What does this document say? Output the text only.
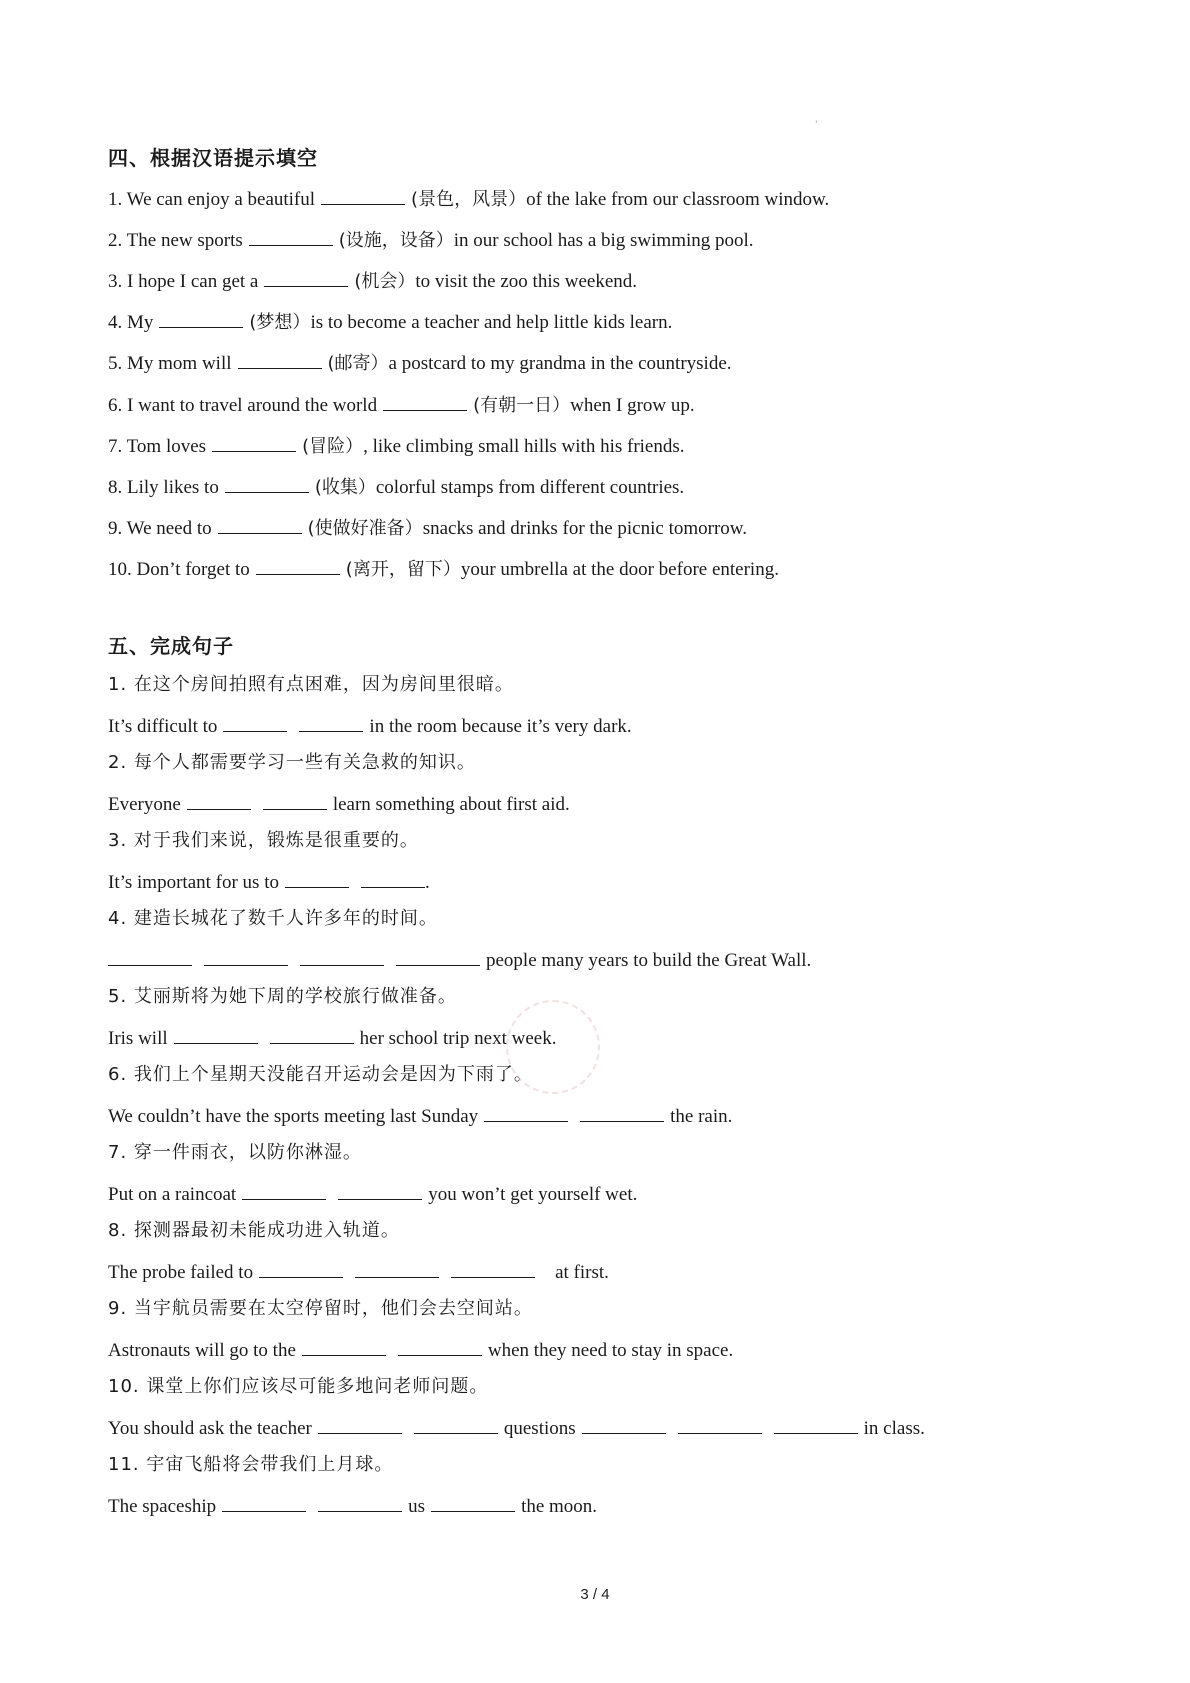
'
四、根据汉语提示填空
1. We can enjoy a beautiful	(景色，风景）of the lake from our classroom window.
2. The new sports	(设施，设备）in our school has a big swimming pool.
3. I hope I can get a	(机会）to visit the zoo this weekend.
4. My	(梦想）is to become a teacher and help little kids learn.
5. My mom will	(邮寄）a postcard to my grandma in the countryside.
6. I want to travel around the world	(有朝一日）when I grow up.
7. Tom loves	(冒险）, like climbing small hills with his friends.
8. Lily likes to	(收集）colorful stamps from different countries.
9. We need to	(使做好准备）snacks and drinks for the picnic tomorrow.
10. Don’t forget to	(离开，留下）your umbrella at the door before entering.
五、完成句子
1. 在这个房间拍照有点困难，因为房间里很暗。
It’s difficult to	in the room because it’s very dark.
2. 每个人都需要学习一些有关急救的知识。
Everyone	learn something about first aid.
3. 对于我们来说，锻炼是很重要的。
It’s important for us to	.
4. 建造长城花了数千人许多年的时间。
people many years to build the Great Wall.
5. 艾丽斯将为她下周的学校旅行做准备。
Iris will	her school trip next week.
6. 我们上个星期天没能召开运动会是因为下雨了。
We couldn’t have the sports meeting last Sunday	the rain.
7. 穿一件雨衣，以防你淋湿。
Put on a raincoat	you won’t get yourself wet.
8. 探测器最初未能成功进入轨道。
The probe failed to	at first.
9. 当宇航员需要在太空停留时，他们会去空间站。
Astronauts will go to the	when they need to stay in space.
10. 课堂上你们应该尽可能多地问老师问题。
You should ask the teacher	questions	in class.
11. 宇宙飞船将会带我们上月球。
The spaceship	us	the moon.
3 / 4
